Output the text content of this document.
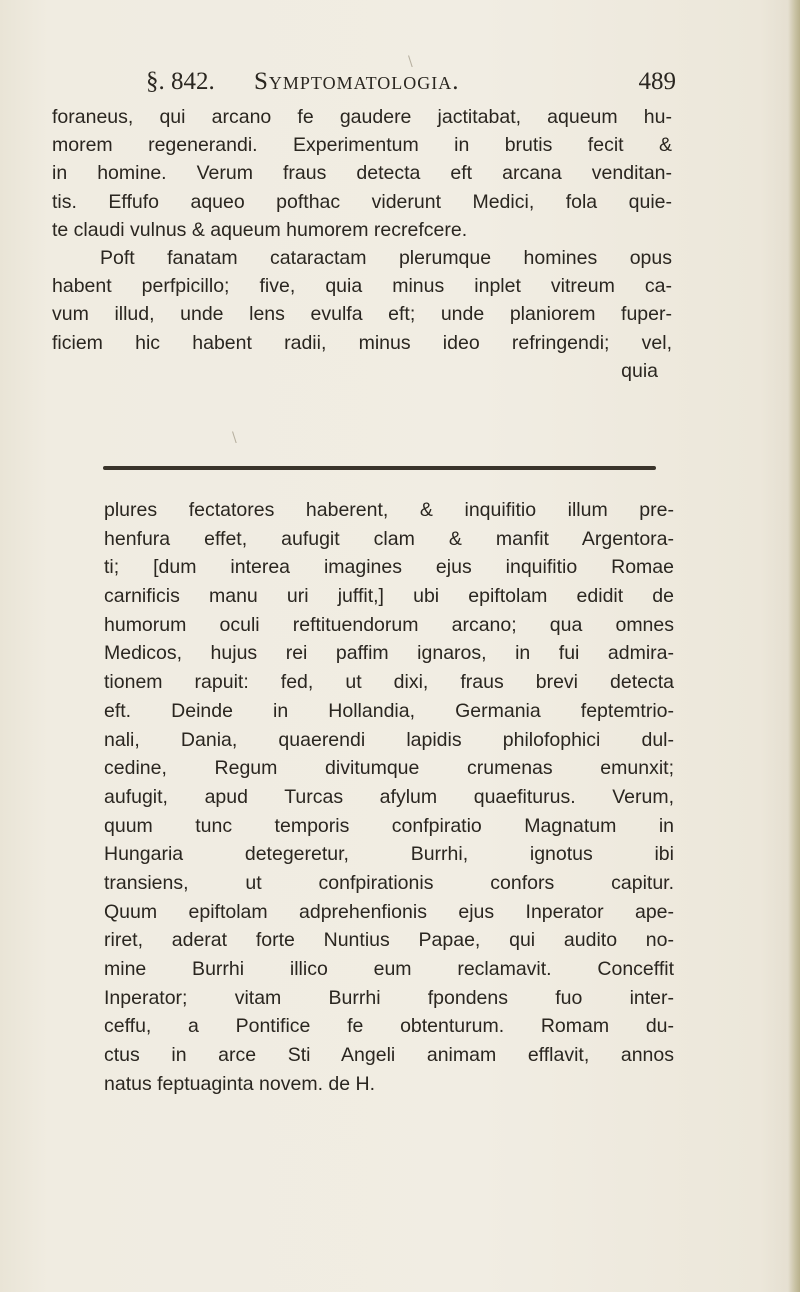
§. 842. Symptomatologia.	489
foraneus, qui arcano fe gaudere jactitabat, aqueum hu-
morem regenerandi. Experimentum in brutis fecit &
in homine. Verum fraus detecta eft arcana venditan-
tis. Effufo aqueo pofthac viderunt Medici, fola quie-
te claudi vulnus & aqueum humorem recrefcere.
Poft fanatam cataractam plerumque homines opus
habent perfpicillo; five, quia minus inplet vitreum ca-
vum illud, unde lens evulfa eft; unde planiorem fuper-
ficiem hic habent radii, minus ideo refringendi; vel,
quia
plures fectatores haberent, & inquifitio illum pre-
henfura effet, aufugit clam & manfit Argentora-
ti; [dum interea imagines ejus inquifitio Romae
carnificis manu uri juffit,] ubi epiftolam edidit de
humorum oculi reftituendorum arcano; qua omnes
Medicos, hujus rei paffim ignaros, in fui admira-
tionem rapuit: fed, ut dixi, fraus brevi detecta
eft. Deinde in Hollandia, Germania feptemtrio-
nali, Dania, quaerendi lapidis philofophici dul-
cedine, Regum divitumque crumenas emunxit;
aufugit, apud Turcas afylum quaefiturus. Verum,
quum tunc temporis confpiratio Magnatum in
Hungaria detegeretur, Burrhi, ignotus ibi
transiens, ut confpirationis confors capitur.
Quum epiftolam adprehenfionis ejus Inperator ape-
riret, aderat forte Nuntius Papae, qui audito no-
mine Burrhi illico eum reclamavit. Conceffit
Inperator; vitam Burrhi fpondens fuo inter-
ceffu, a Pontifice fe obtenturum. Romam du-
ctus in arce Sti Angeli animam efflavit, annos
natus feptuaginta novem. de H.
\
\
